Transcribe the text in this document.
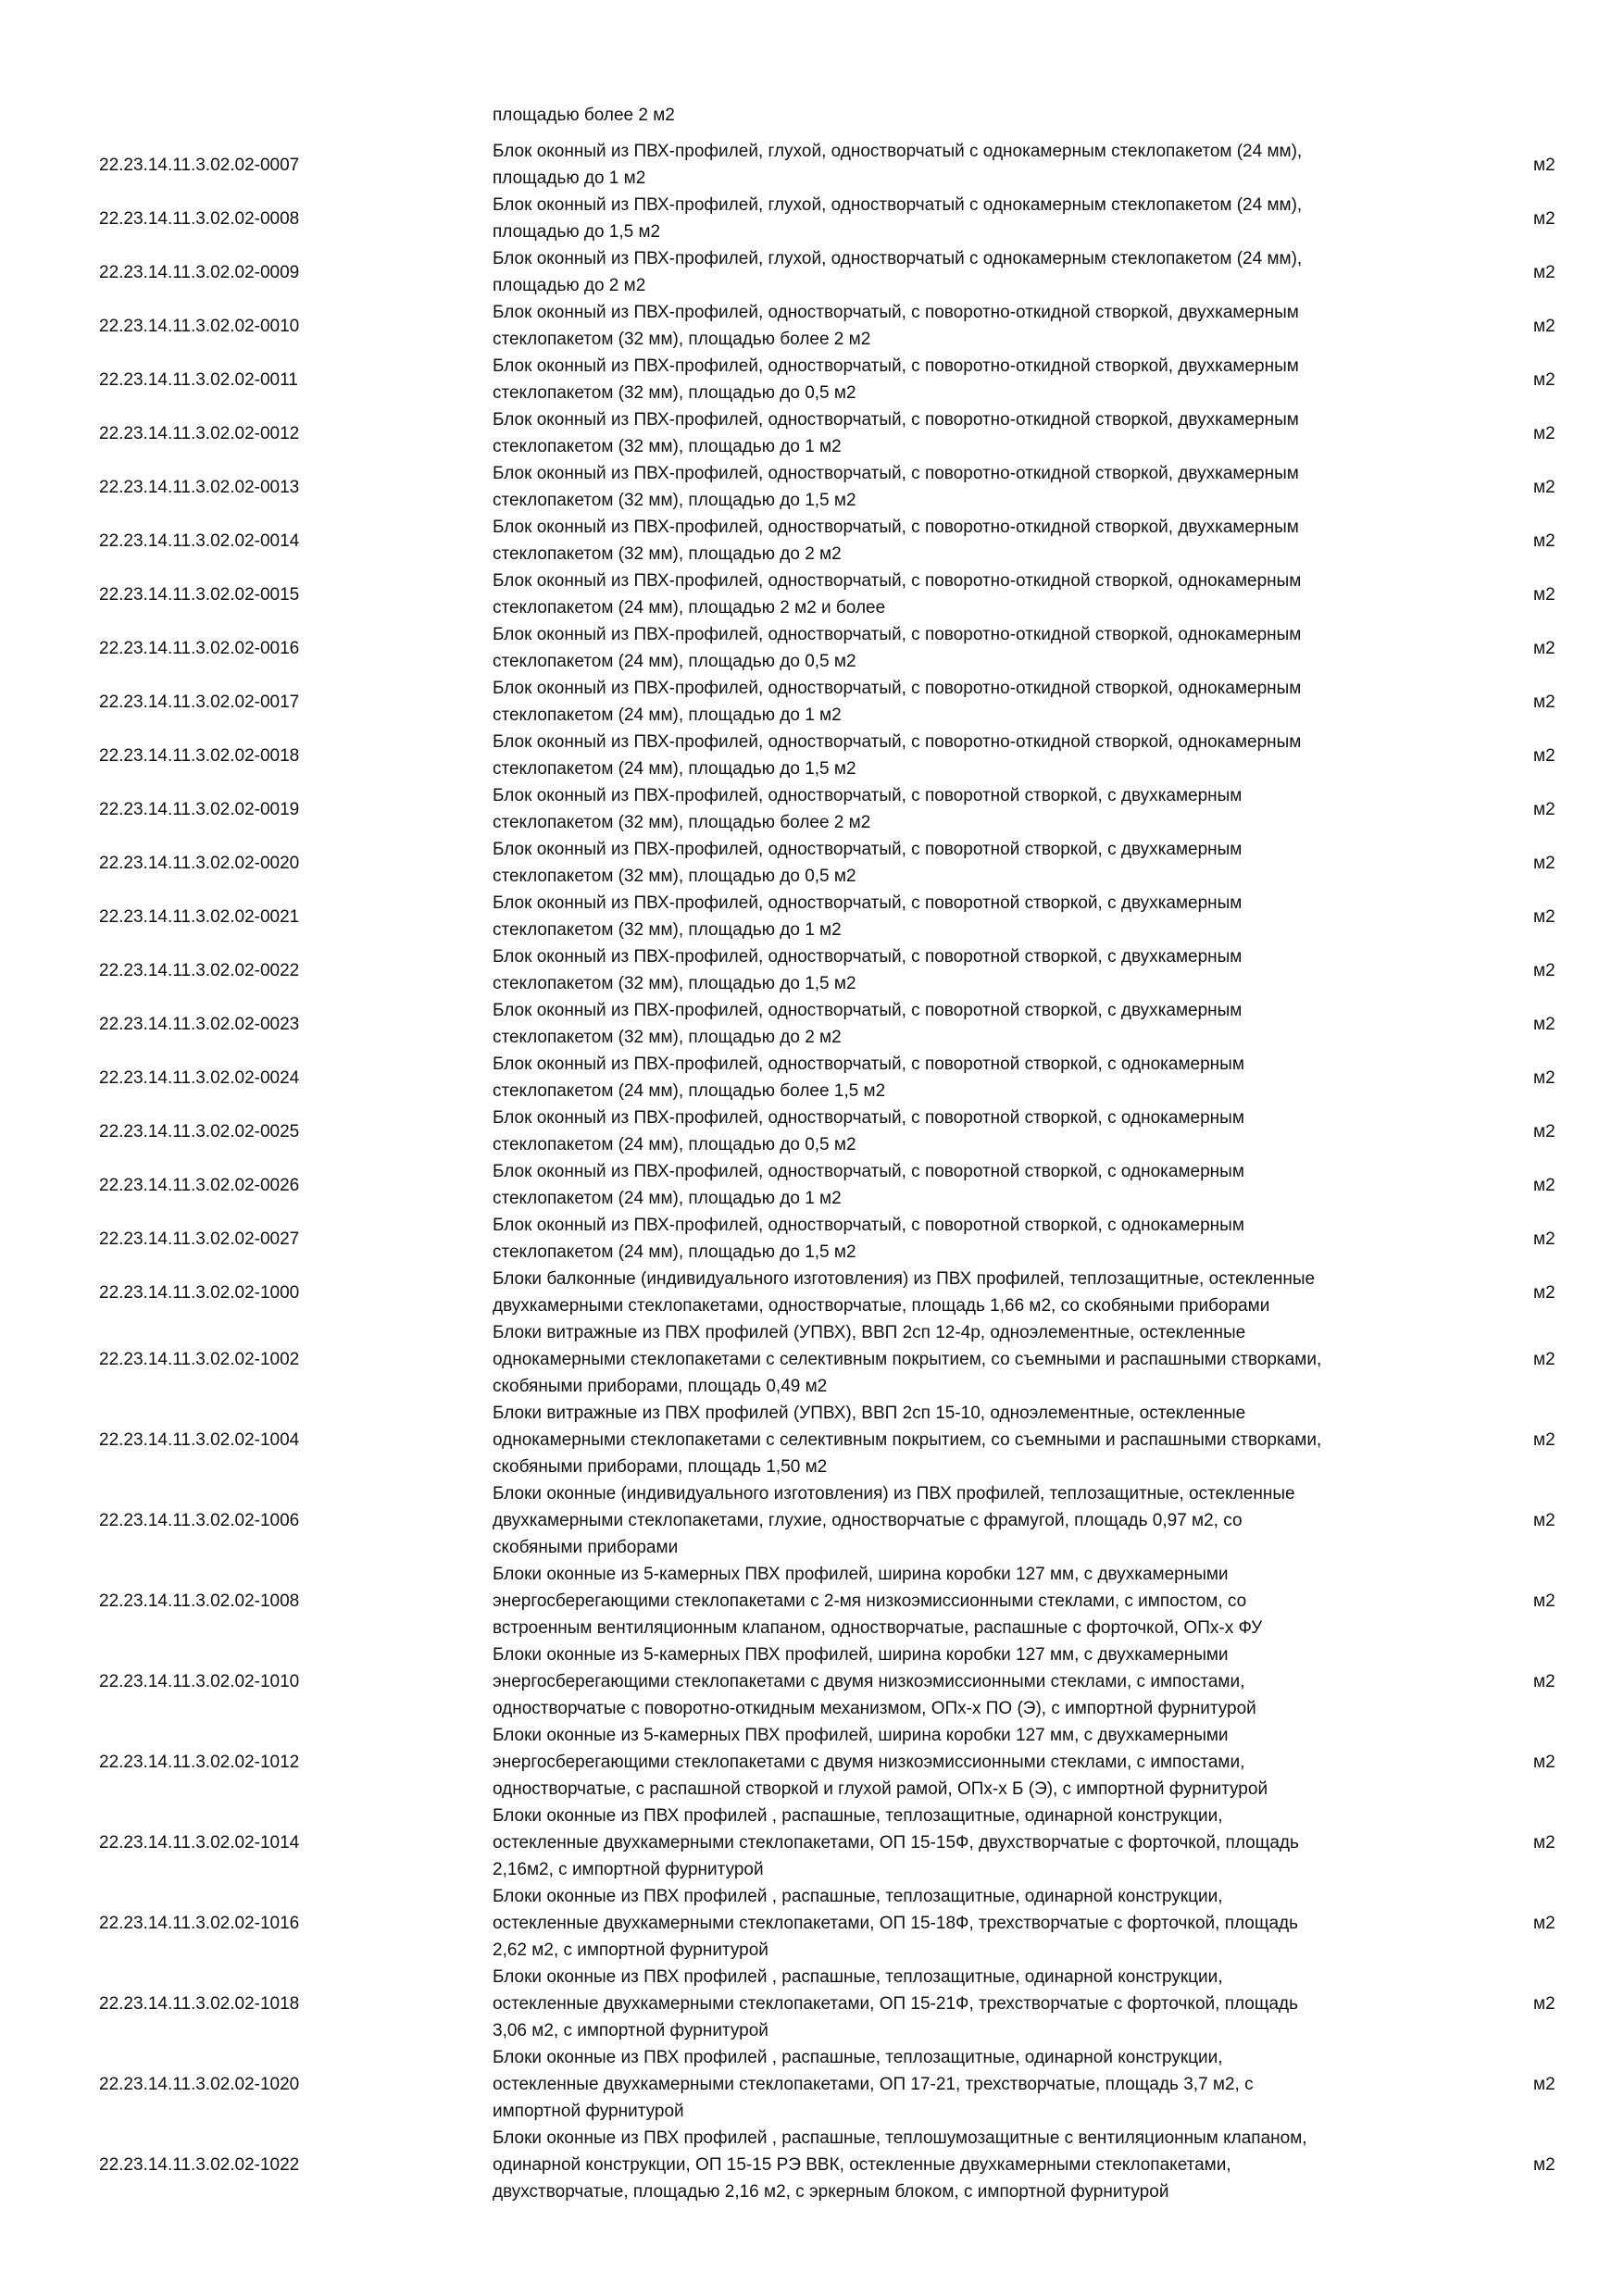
площадью более 2 м2
22.23.14.11.3.02.02-0007
Блок оконный из ПВХ-профилей, глухой, одностворчатый с однокамерным стеклопакетом (24 мм),
площадью до 1 м2
м2
22.23.14.11.3.02.02-0008
Блок оконный из ПВХ-профилей, глухой, одностворчатый с однокамерным стеклопакетом (24 мм),
площадью до 1,5 м2
м2
22.23.14.11.3.02.02-0009
Блок оконный из ПВХ-профилей, глухой, одностворчатый с однокамерным стеклопакетом (24 мм),
площадью до 2 м2
м2
22.23.14.11.3.02.02-0010
Блок оконный из ПВХ-профилей, одностворчатый, с поворотно-откидной створкой, двухкамерным
стеклопакетом (32 мм), площадью более 2 м2
м2
22.23.14.11.3.02.02-0011
Блок оконный из ПВХ-профилей, одностворчатый, с поворотно-откидной створкой, двухкамерным
стеклопакетом (32 мм), площадью до 0,5 м2
м2
22.23.14.11.3.02.02-0012
Блок оконный из ПВХ-профилей, одностворчатый, с поворотно-откидной створкой, двухкамерным
стеклопакетом (32 мм), площадью до 1 м2
м2
22.23.14.11.3.02.02-0013
Блок оконный из ПВХ-профилей, одностворчатый, с поворотно-откидной створкой, двухкамерным
стеклопакетом (32 мм), площадью до 1,5 м2
м2
22.23.14.11.3.02.02-0014
Блок оконный из ПВХ-профилей, одностворчатый, с поворотно-откидной створкой, двухкамерным
стеклопакетом (32 мм), площадью до 2 м2
м2
22.23.14.11.3.02.02-0015
Блок оконный из ПВХ-профилей, одностворчатый, с поворотно-откидной створкой, однокамерным
стеклопакетом (24 мм), площадью 2 м2 и более
м2
22.23.14.11.3.02.02-0016
Блок оконный из ПВХ-профилей, одностворчатый, с поворотно-откидной створкой, однокамерным
стеклопакетом (24 мм), площадью до 0,5 м2
м2
22.23.14.11.3.02.02-0017
Блок оконный из ПВХ-профилей, одностворчатый, с поворотно-откидной створкой, однокамерным
стеклопакетом (24 мм), площадью до 1 м2
м2
22.23.14.11.3.02.02-0018
Блок оконный из ПВХ-профилей, одностворчатый, с поворотно-откидной створкой, однокамерным
стеклопакетом (24 мм), площадью до 1,5 м2
м2
22.23.14.11.3.02.02-0019
Блок оконный из ПВХ-профилей, одностворчатый, с поворотной створкой, с двухкамерным
стеклопакетом (32 мм), площадью более 2 м2
м2
22.23.14.11.3.02.02-0020
Блок оконный из ПВХ-профилей, одностворчатый, с поворотной створкой, с двухкамерным
стеклопакетом (32 мм), площадью до 0,5 м2
м2
22.23.14.11.3.02.02-0021
Блок оконный из ПВХ-профилей, одностворчатый, с поворотной створкой, с двухкамерным
стеклопакетом (32 мм), площадью до 1 м2
м2
22.23.14.11.3.02.02-0022
Блок оконный из ПВХ-профилей, одностворчатый, с поворотной створкой, с двухкамерным
стеклопакетом (32 мм), площадью до 1,5 м2
м2
22.23.14.11.3.02.02-0023
Блок оконный из ПВХ-профилей, одностворчатый, с поворотной створкой, с двухкамерным
стеклопакетом (32 мм), площадью до 2 м2
м2
22.23.14.11.3.02.02-0024
Блок оконный из ПВХ-профилей, одностворчатый, с поворотной створкой, с однокамерным
стеклопакетом (24 мм), площадью более 1,5 м2
м2
22.23.14.11.3.02.02-0025
Блок оконный из ПВХ-профилей, одностворчатый, с поворотной створкой, с однокамерным
стеклопакетом (24 мм), площадью до 0,5 м2
м2
22.23.14.11.3.02.02-0026
Блок оконный из ПВХ-профилей, одностворчатый, с поворотной створкой, с однокамерным
стеклопакетом (24 мм), площадью до 1 м2
м2
22.23.14.11.3.02.02-0027
Блок оконный из ПВХ-профилей, одностворчатый, с поворотной створкой, с однокамерным
стеклопакетом (24 мм), площадью до 1,5 м2
м2
22.23.14.11.3.02.02-1000
Блоки балконные (индивидуального изготовления) из ПВХ профилей, теплозащитные, остекленные
двухкамерными стеклопакетами, одностворчатые, площадь 1,66 м2, со скобяными приборами
м2
22.23.14.11.3.02.02-1002
Блоки витражные из ПВХ профилей (УПВХ), ВВП 2сп 12-4р, одноэлементные, остекленные
однокамерными стеклопакетами с селективным покрытием, со съемными и распашными створками,
скобяными приборами, площадь 0,49 м2
м2
22.23.14.11.3.02.02-1004
Блоки витражные из ПВХ профилей (УПВХ), ВВП 2сп 15-10, одноэлементные, остекленные
однокамерными стеклопакетами с селективным покрытием, со съемными и распашными створками,
скобяными приборами, площадь 1,50 м2
м2
22.23.14.11.3.02.02-1006
Блоки оконные (индивидуального изготовления) из ПВХ профилей, теплозащитные, остекленные
двухкамерными стеклопакетами, глухие, одностворчатые с фрамугой, площадь 0,97 м2, со
скобяными приборами
м2
22.23.14.11.3.02.02-1008
Блоки оконные из 5-камерных ПВХ профилей, ширина коробки 127 мм, с двухкамерными
энергосберегающими стеклопакетами с 2-мя низкоэмиссионными стеклами, с импостом, со
встроенным вентиляционным клапаном, одностворчатые, распашные с форточкой, ОПх-х ФУ
м2
22.23.14.11.3.02.02-1010
Блоки оконные из 5-камерных ПВХ профилей, ширина коробки 127 мм, с двухкамерными
энергосберегающими стеклопакетами с двумя низкоэмиссионными стеклами, с импостами,
одностворчатые с поворотно-откидным механизмом, ОПх-х ПО (Э), с импортной фурнитурой
м2
22.23.14.11.3.02.02-1012
Блоки оконные из 5-камерных ПВХ профилей, ширина коробки 127 мм, с двухкамерными
энергосберегающими стеклопакетами с двумя низкоэмиссионными стеклами, с импостами,
одностворчатые, с распашной створкой и глухой рамой, ОПх-х Б (Э), с импортной фурнитурой
м2
22.23.14.11.3.02.02-1014
Блоки оконные из ПВХ профилей , распашные, теплозащитные, одинарной конструкции,
остекленные двухкамерными стеклопакетами, ОП 15-15Ф, двухстворчатые с форточкой, площадь
2,16м2, с импортной фурнитурой
м2
22.23.14.11.3.02.02-1016
Блоки оконные из ПВХ профилей , распашные, теплозащитные, одинарной конструкции,
остекленные двухкамерными стеклопакетами, ОП 15-18Ф, трехстворчатые с форточкой, площадь
2,62 м2, с импортной фурнитурой
м2
22.23.14.11.3.02.02-1018
Блоки оконные из ПВХ профилей , распашные, теплозащитные, одинарной конструкции,
остекленные двухкамерными стеклопакетами, ОП 15-21Ф, трехстворчатые с форточкой, площадь
3,06 м2, с импортной фурнитурой
м2
22.23.14.11.3.02.02-1020
Блоки оконные из ПВХ профилей , распашные, теплозащитные, одинарной конструкции,
остекленные двухкамерными стеклопакетами, ОП 17-21, трехстворчатые, площадь 3,7 м2, с
импортной фурнитурой
м2
22.23.14.11.3.02.02-1022
Блоки оконные из ПВХ профилей , распашные, теплошумозащитные с вентиляционным клапаном,
одинарной конструкции, ОП 15-15 РЭ ВВК, остекленные двухкамерными стеклопакетами,
двухстворчатые, площадью 2,16 м2, с эркерным блоком, с импортной фурнитурой
м2
